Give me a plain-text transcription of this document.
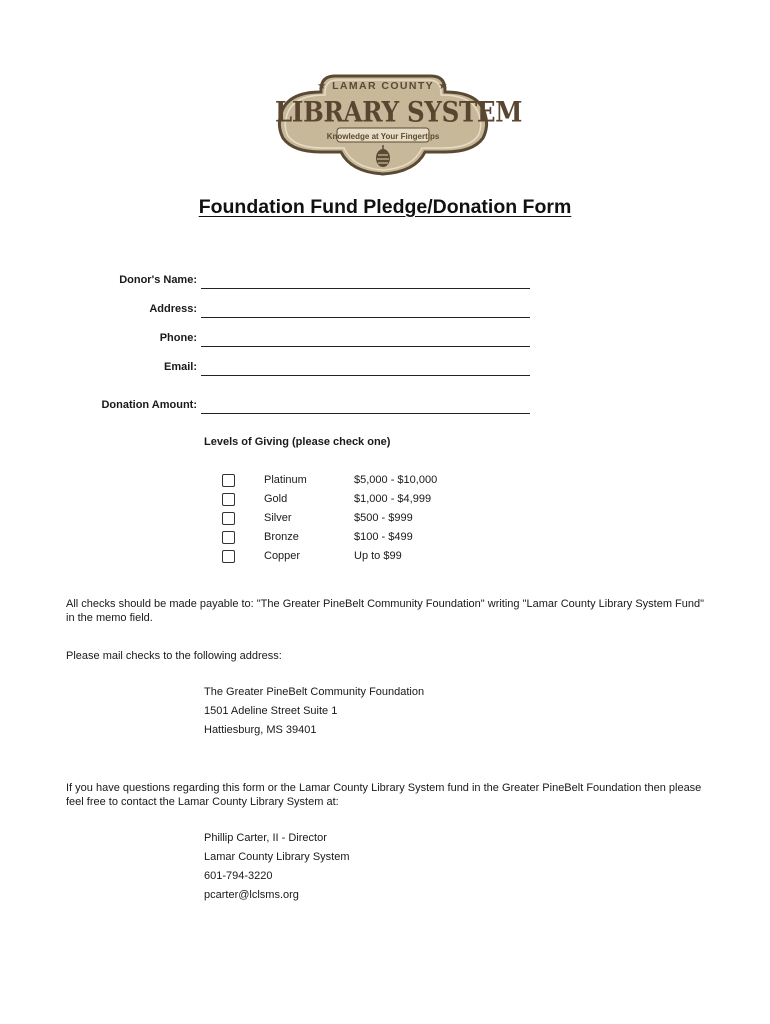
★ LAMAR COUNTY ★
LIBRARY SYSTEM
Knowledge at Your Fingertips
Foundation Fund Pledge/Donation Form
Donor's Name:
Address:
Phone:
Email:
Donation Amount:
Levels of Giving (please check one)
Platinum	$5,000 - $10,000
Gold	$1,000 - $4,999
Silver	$500 - $999
Bronze	$100 - $499
Copper	Up to $99
All checks should be made payable to: "The Greater PineBelt Community Foundation" writing "Lamar County Library System Fund" in the memo field.
Please mail checks to the following address:
The Greater PineBelt Community Foundation
1501 Adeline Street Suite 1
Hattiesburg, MS 39401
If you have questions regarding this form or the Lamar County Library System fund in the Greater PineBelt Foundation then please feel free to contact the Lamar County Library System at:
Phillip Carter, II - Director
Lamar County Library System
601-794-3220
pcarter@lclsms.org
